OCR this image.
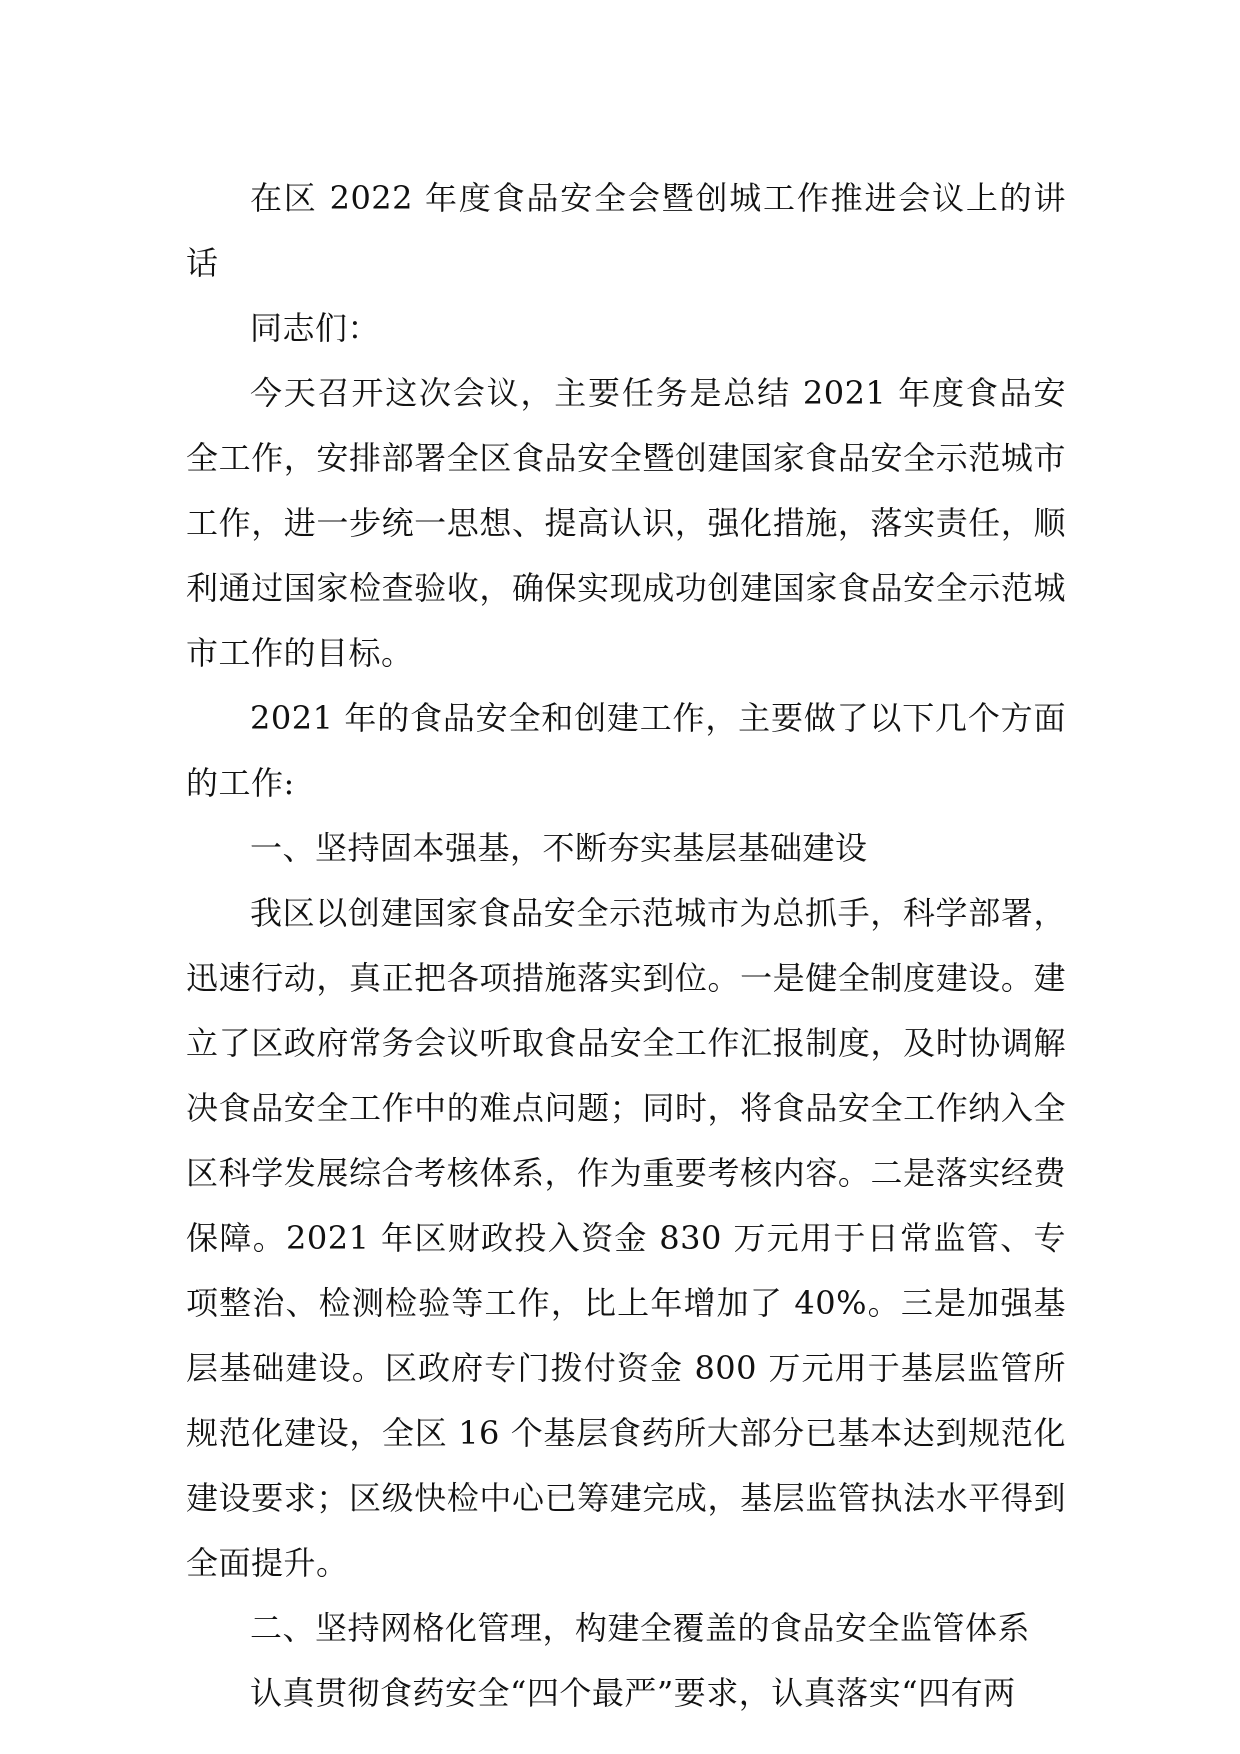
在区 2022 年度食品安全会暨创城工作推进会议上的讲话

同志们：

今天召开这次会议，主要任务是总结 2021 年度食品安全工作，安排部署全区食品安全暨创建国家食品安全示范城市工作，进一步统一思想、提高认识，强化措施，落实责任，顺利通过国家检查验收，确保实现成功创建国家食品安全示范城市工作的目标。

2021 年的食品安全和创建工作，主要做了以下几个方面的工作:

一、坚持固本强基，不断夯实基层基础建设

我区以创建国家食品安全示范城市为总抓手，科学部署，迅速行动，真正把各项措施落实到位。一是健全制度建设。建立了区政府常务会议听取食品安全工作汇报制度，及时协调解决食品安全工作中的难点问题；同时，将食品安全工作纳入全区科学发展综合考核体系，作为重要考核内容。二是落实经费保障。2021 年区财政投入资金 830 万元用于日常监管、专项整治、检测检验等工作，比上年增加了 40%。三是加强基层基础建设。区政府专门拨付资金 800 万元用于基层监管所规范化建设，全区 16 个基层食药所大部分已基本达到规范化建设要求；区级快检中心已筹建完成，基层监管执法水平得到全面提升。

二、坚持网格化管理，构建全覆盖的食品安全监管体系

认真贯彻食药安全“四个最严”要求，认真落实“四有两
